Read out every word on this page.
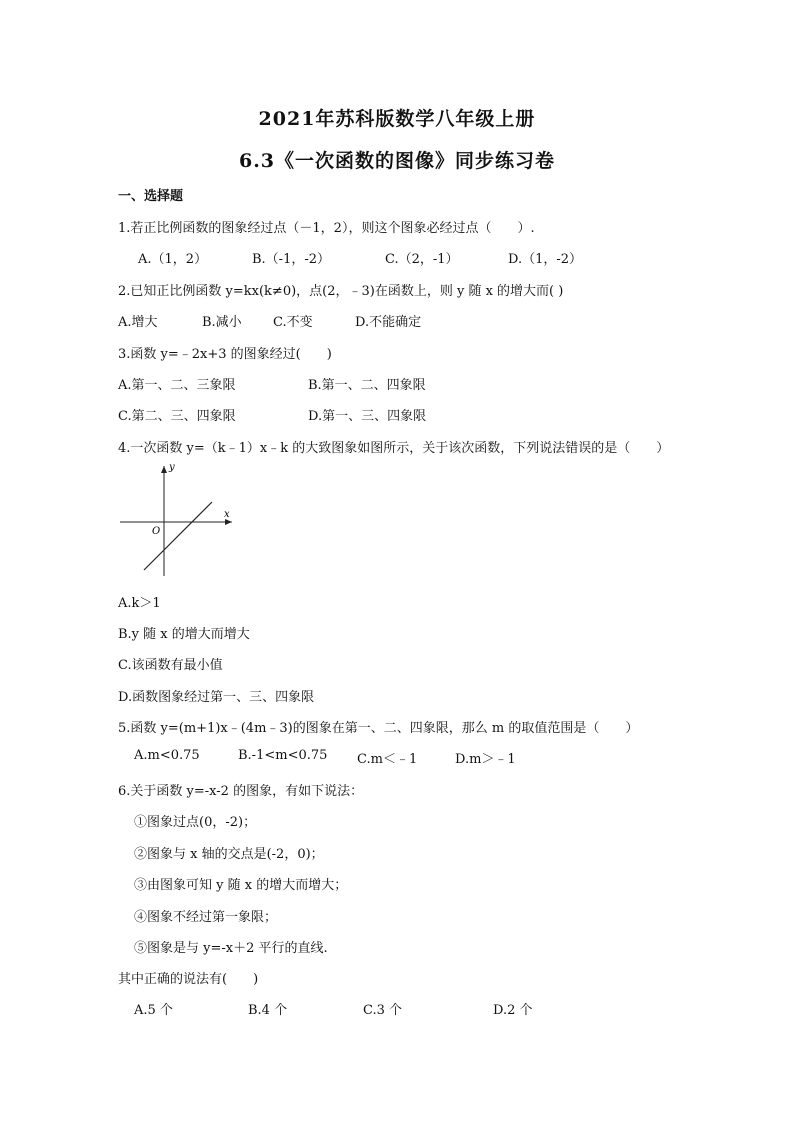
2021年苏科版数学八年级上册
6.3《一次函数的图像》同步练习卷
一、选择题
1.若正比例函数的图象经过点（－1，2），则这个图象必经过点（　　）.
A.（1，2）	B.（-1，-2）	C.（2，-1）	D.（1，-2）
2.已知正比例函数 y=kx(k≠0)，点(2，﹣3)在函数上，则 y 随 x 的增大而( )
A.增大	B.减小 C.不变	D.不能确定
3.函数 y=﹣2x+3 的图象经过(　　)
A.第一、二、三象限	B.第一、二、四象限
C.第二、三、四象限	D.第一、三、四象限
4.一次函数 y=（k﹣1）x﹣k 的大致图象如图所示，关于该次函数，下列说法错误的是（　　）
x
y
O
A.k＞1
B.y 随 x 的增大而增大
C.该函数有最小值
D.函数图象经过第一、三、四象限
5.函数 y=(m+1)x﹣(4m﹣3)的图象在第一、二、四象限，那么 m 的取值范围是（　　）
A.m<0.75	B.-1<m<0.75 C.m＜﹣1	D.m＞﹣1
6.关于函数 y=-x-2 的图象，有如下说法：
①图象过点(0，-2)；
②图象与 x 轴的交点是(-2，0)；
③由图象可知 y 随 x 的增大而增大；
④图象不经过第一象限；
⑤图象是与 y=-x＋2 平行的直线.
其中正确的说法有(　　)
A.5 个	B.4 个	C.3 个	D.2 个
